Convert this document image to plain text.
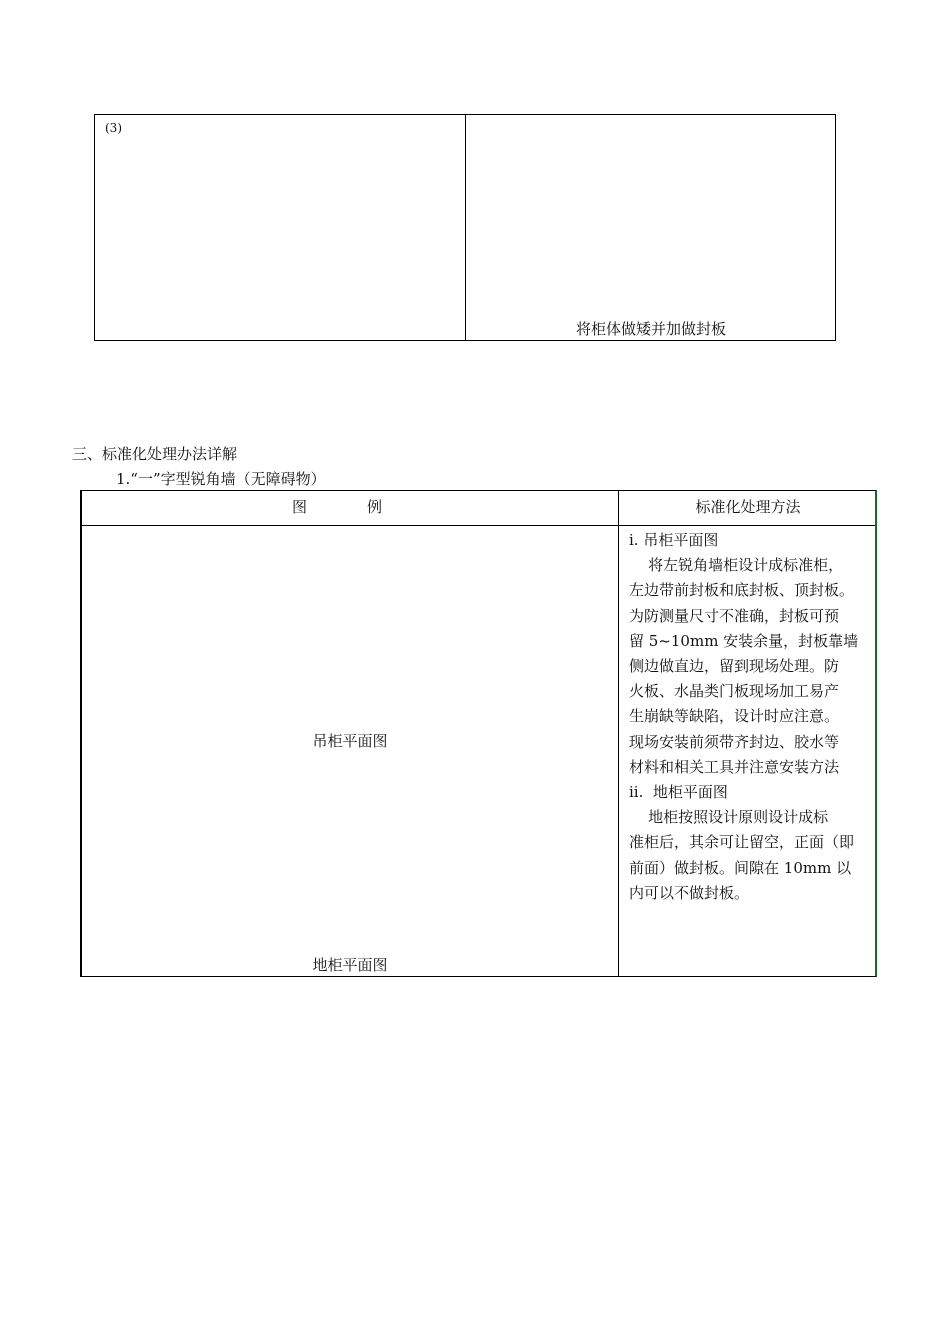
(3)
将柜体做矮并加做封板
三、标准化处理办法详解
1.“一”字型锐角墙（无障碍物）
图	例	标准化处理方法
吊柜平面图
地柜平面图
i. 吊柜平面图
将左锐角墙柜设计成标准柜，
左边带前封板和底封板、顶封板。
为防测量尺寸不准确，封板可预
留 5~10mm 安装余量，封板靠墙
侧边做直边，留到现场处理。防
火板、水晶类门板现场加工易产
生崩缺等缺陷，设计时应注意。
现场安装前须带齐封边、胶水等
材料和相关工具并注意安装方法
ii.  地柜平面图
地柜按照设计原则设计成标
准柜后，其余可让留空，正面（即
前面）做封板。间隙在 10mm 以
内可以不做封板。
